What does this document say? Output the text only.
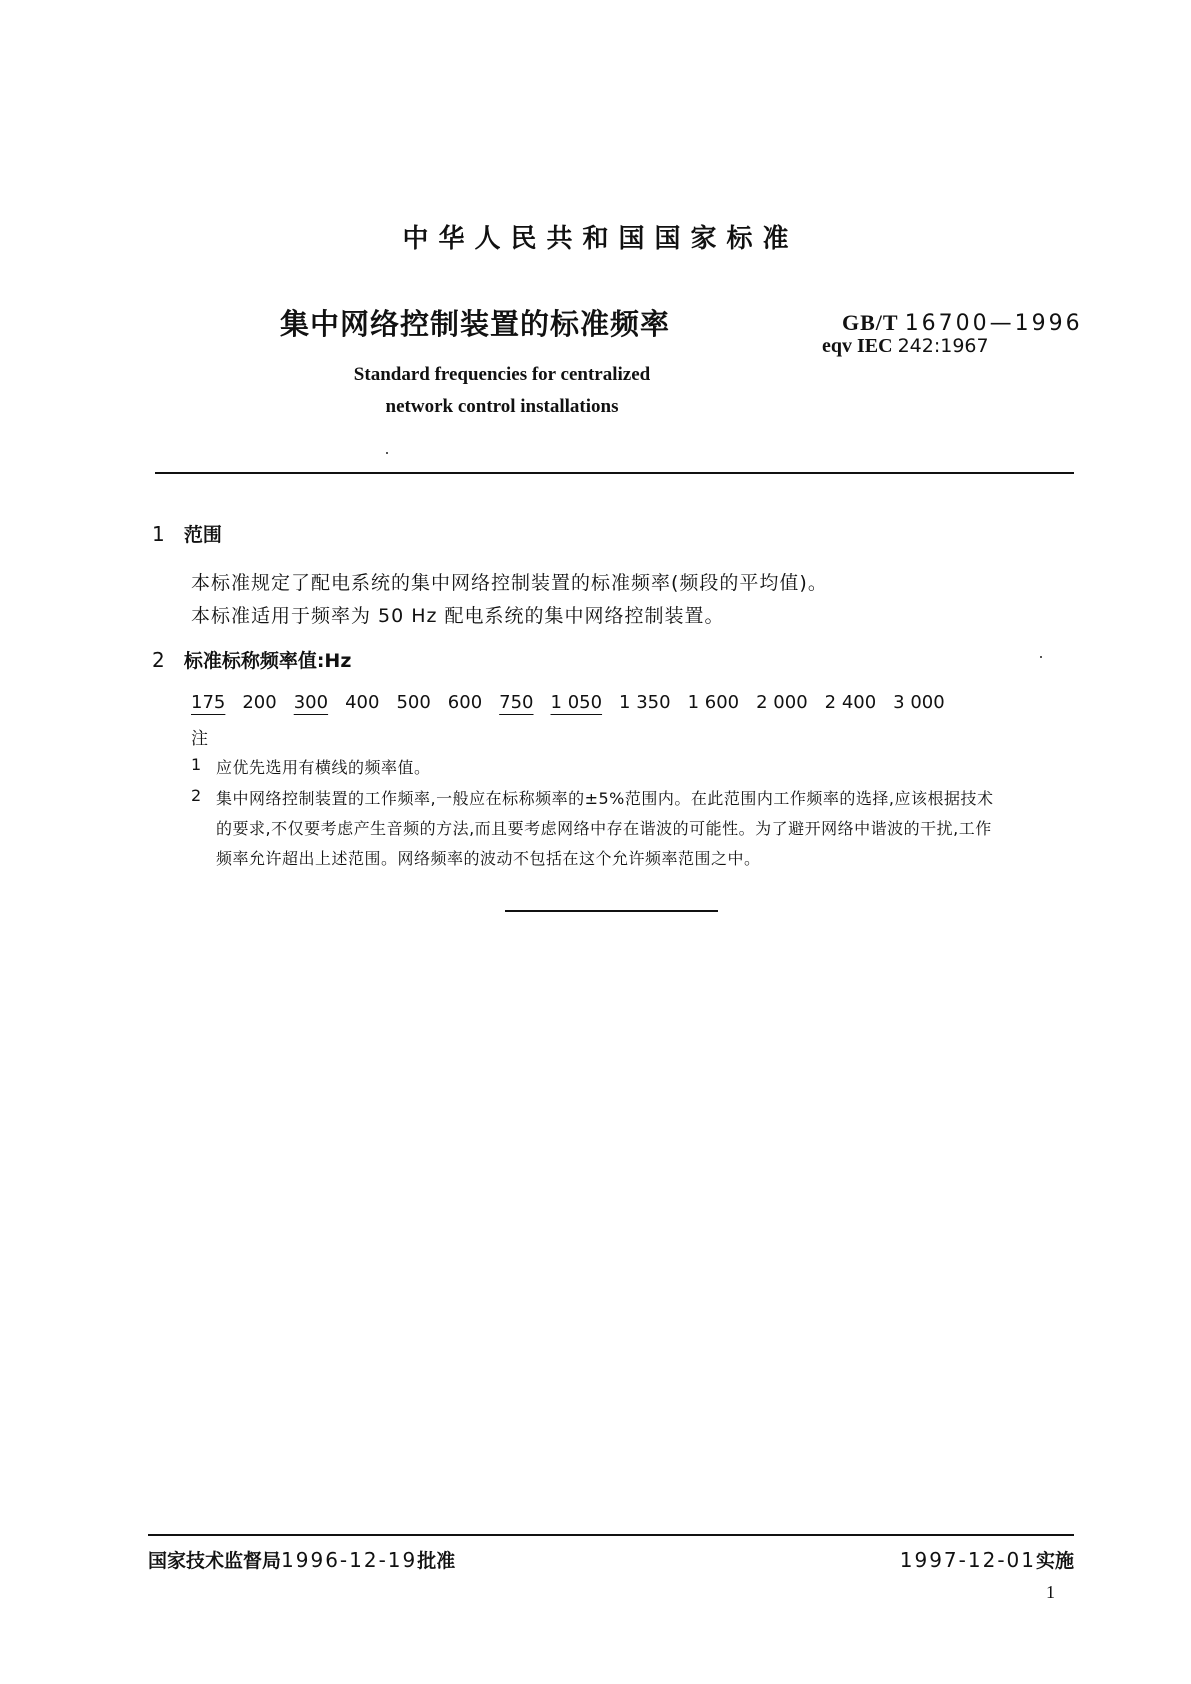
中华人民共和国国家标准
集中网络控制装置的标准频率	GB/T 16700—1996
eqv IEC 242:1967
Standard frequencies for centralized
network control installations
1 范围
本标准规定了配电系统的集中网络控制装置的标准频率(频段的平均值)。
本标准适用于频率为 50 Hz 配电系统的集中网络控制装置。
2 标准标称频率值:Hz
175 200 300 400 500 600 750 1 050 1 350 1 600 2 000 2 400 3 000
注
1 应优先选用有横线的频率值。
2 集中网络控制装置的工作频率,一般应在标称频率的±5%范围内。在此范围内工作频率的选择,应该根据技术
的要求,不仅要考虑产生音频的方法,而且要考虑网络中存在谐波的可能性。为了避开网络中谐波的干扰,工作
频率允许超出上述范围。网络频率的波动不包括在这个允许频率范围之中。
国家技术监督局1996-12-19批准	1997-12-01实施
1
